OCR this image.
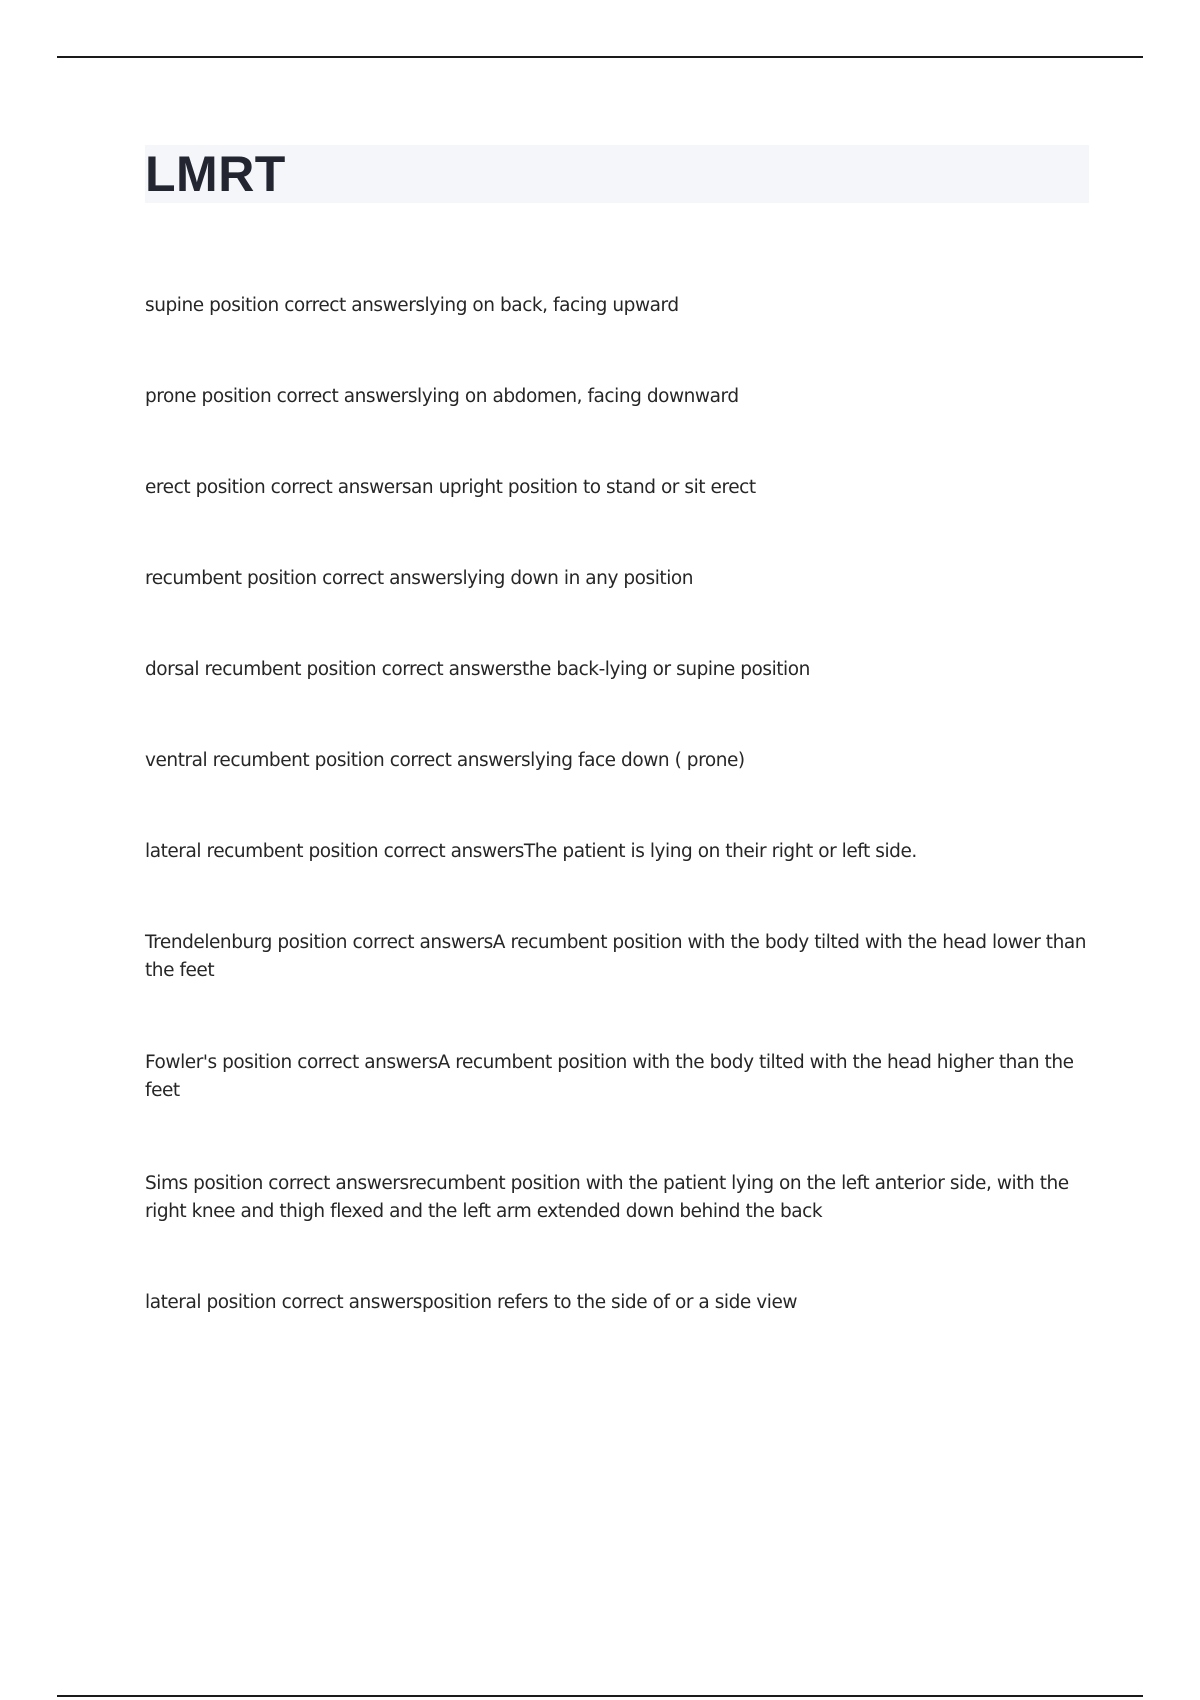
LMRT

supine position correct answerslying on back, facing upward

prone position correct answerslying on abdomen, facing downward

erect position correct answersan upright position to stand or sit erect

recumbent position correct answerslying down in any position

dorsal recumbent position correct answersthe back-lying or supine position

ventral recumbent position correct answerslying face down ( prone)

lateral recumbent position correct answersThe patient is lying on their right or left side.

Trendelenburg position correct answersA recumbent position with the body tilted with the head lower than the feet

Fowler's position correct answersA recumbent position with the body tilted with the head higher than the feet

Sims position correct answersrecumbent position with the patient lying on the left anterior side, with the right knee and thigh flexed and the left arm extended down behind the back

lateral position correct answersposition refers to the side of or a side view
